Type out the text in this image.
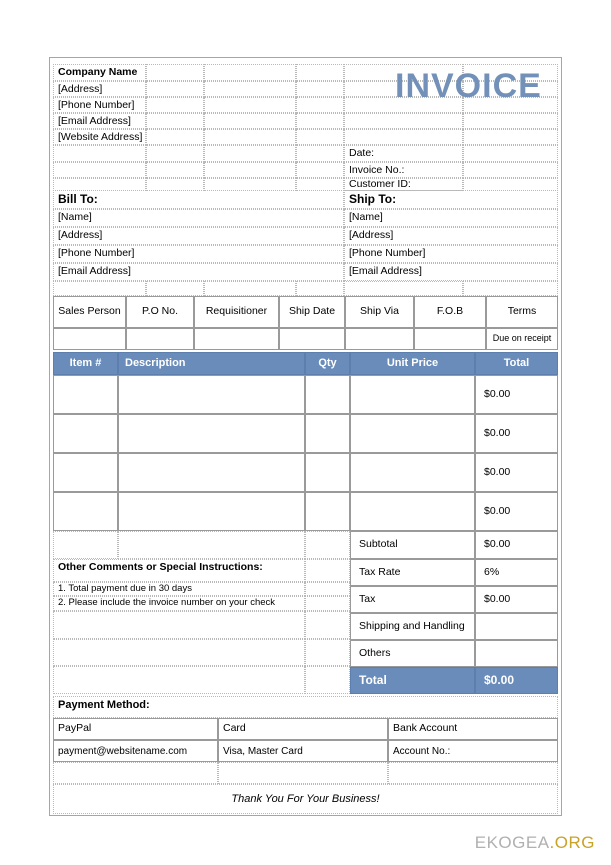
Company Name
[Address]
[Phone Number]
[Email Address]
[Website Address]
Date:
Invoice No.:
Customer ID:
INVOICE
Bill To:	Ship To:
[Name]	[Name]
[Address]	[Address]
[Phone Number]	[Phone Number]
[Email Address]	[Email Address]
Sales Person	P.O No.	Requisitioner	Ship Date	Ship Via	F.O.B	Terms
Due on receipt
Item #	Description	Qty	Unit Price	Total
$0.00
$0.00
$0.00
$0.00
Other Comments or Special Instructions:
1. Total payment due in 30 days
2. Please include the invoice number on your check
Subtotal	$0.00
Tax Rate	6%
Tax	$0.00
Shipping and Handling
Others
Total	$0.00
Payment Method:
PayPal	Card	Bank Account
payment@websitename.com	Visa, Master Card	Account No.:
Thank You For Your Business!
EKOGEA.ORG
